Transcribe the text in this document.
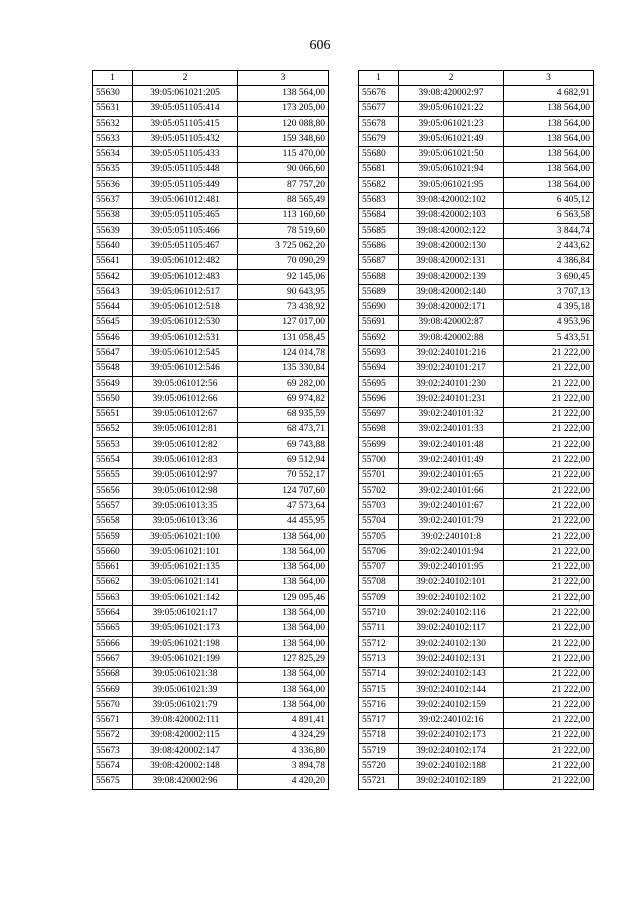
606
1	2	3
55630	39:05:061021:205	138 564,00
55631	39:05:051105:414	173 205,00
55632	39:05:051105:415	120 088,80
55633	39:05:051105:432	159 348,60
55634	39:05:051105:433	115 470,00
55635	39:05:051105:448	90 066,60
55636	39:05:051105:449	87 757,20
55637	39:05:061012:481	88 565,49
55638	39:05:051105:465	113 160,60
55639	39:05:051105:466	78 519,60
55640	39:05:051105:467	3 725 062,20
55641	39:05:061012:482	70 090,29
55642	39:05:061012:483	92 145,06
55643	39:05:061012:517	90 643,95
55644	39:05:061012:518	73 438,92
55645	39:05:061012:530	127 017,00
55646	39:05:061012:531	131 058,45
55647	39:05:061012:545	124 014,78
55648	39:05:061012:546	135 330,84
55649	39:05:061012:56	69 282,00
55650	39:05:061012:66	69 974,82
55651	39:05:061012:67	68 935,59
55652	39:05:061012:81	68 473,71
55653	39:05:061012:82	69 743,88
55654	39:05:061012:83	69 512,94
55655	39:05:061012:97	70 552,17
55656	39:05:061012:98	124 707,60
55657	39:05:061013:35	47 573,64
55658	39:05:061013:36	44 455,95
55659	39:05:061021:100	138 564,00
55660	39:05:061021:101	138 564,00
55661	39:05:061021:135	138 564,00
55662	39:05:061021:141	138 564,00
55663	39:05:061021:142	129 095,46
55664	39:05:061021:17	138 564,00
55665	39:05:061021:173	138 564,00
55666	39:05:061021:198	138 564,00
55667	39:05:061021:199	127 825,29
55668	39:05:061021:38	138 564,00
55669	39:05:061021:39	138 564,00
55670	39:05:061021:79	138 564,00
55671	39:08:420002:111	4 891,41
55672	39:08:420002:115	4 324,29
55673	39:08:420002:147	4 336,80
55674	39:08:420002:148	3 894,78
55675	39:08:420002:96	4 420,20
1	2	3
55676	39:08:420002:97	4 682,91
55677	39:05:061021:22	138 564,00
55678	39:05:061021:23	138 564,00
55679	39:05:061021:49	138 564,00
55680	39:05:061021:50	138 564,00
55681	39:05:061021:94	138 564,00
55682	39:05:061021:95	138 564,00
55683	39:08:420002:102	6 405,12
55684	39:08:420002:103	6 563,58
55685	39:08:420002:122	3 844,74
55686	39:08:420002:130	2 443,62
55687	39:08:420002:131	4 386,84
55688	39:08:420002:139	3 690,45
55689	39:08:420002:140	3 707,13
55690	39:08:420002:171	4 395,18
55691	39:08:420002:87	4 953,96
55692	39:08:420002:88	5 433,51
55693	39:02:240101:216	21 222,00
55694	39:02:240101:217	21 222,00
55695	39:02:240101:230	21 222,00
55696	39:02:240101:231	21 222,00
55697	39:02:240101:32	21 222,00
55698	39:02:240101:33	21 222,00
55699	39:02:240101:48	21 222,00
55700	39:02:240101:49	21 222,00
55701	39:02:240101:65	21 222,00
55702	39:02:240101:66	21 222,00
55703	39:02:240101:67	21 222,00
55704	39:02:240101:79	21 222,00
55705	39:02:240101:8	21 222,00
55706	39:02:240101:94	21 222,00
55707	39:02:240101:95	21 222,00
55708	39:02:240102:101	21 222,00
55709	39:02:240102:102	21 222,00
55710	39:02:240102:116	21 222,00
55711	39:02:240102:117	21 222,00
55712	39:02:240102:130	21 222,00
55713	39:02:240102:131	21 222,00
55714	39:02:240102:143	21 222,00
55715	39:02:240102:144	21 222,00
55716	39:02:240102:159	21 222,00
55717	39:02:240102:16	21 222,00
55718	39:02:240102:173	21 222,00
55719	39:02:240102:174	21 222,00
55720	39:02:240102:188	21 222,00
55721	39:02:240102:189	21 222,00
